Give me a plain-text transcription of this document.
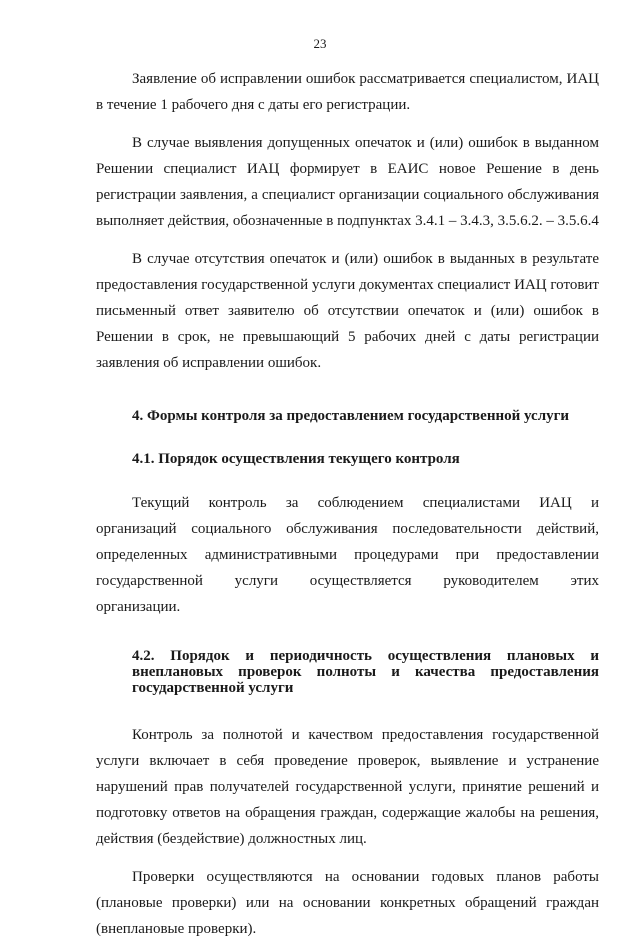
23

Заявление об исправлении ошибок рассматривается специалистом, ИАЦ в течение 1 рабочего дня с даты его регистрации.

В случае выявления допущенных опечаток и (или) ошибок в выданном Решении специалист ИАЦ формирует в ЕАИС новое Решение в день регистрации заявления, а специалист организации социального обслуживания выполняет действия, обозначенные в подпунктах 3.4.1 – 3.4.3, 3.5.6.2. – 3.5.6.4

В случае отсутствия опечаток и (или) ошибок в выданных в результате предоставления государственной услуги документах специалист ИАЦ готовит письменный ответ заявителю об отсутствии опечаток и (или) ошибок в Решении в срок, не превышающий 5 рабочих дней с даты регистрации заявления об исправлении ошибок.

4. Формы контроля за предоставлением государственной услуги
4.1. Порядок осуществления текущего контроля

Текущий контроль за соблюдением специалистами ИАЦ и организаций социального обслуживания последовательности действий, определенных административными процедурами при предоставлении государственной услуги осуществляется руководителем этих организации.

4.2. Порядок и периодичность осуществления плановых и внеплановых проверок полноты и качества предоставления государственной услуги

Контроль за полнотой и качеством предоставления государственной услуги включает в себя проведение проверок, выявление и устранение нарушений прав получателей государственной услуги, принятие решений и подготовку ответов на обращения граждан, содержащие жалобы на решения, действия (бездействие) должностных лиц.

Проверки осуществляются на основании годовых планов работы (плановые проверки) или на основании конкретных обращений граждан (внеплановые проверки).
